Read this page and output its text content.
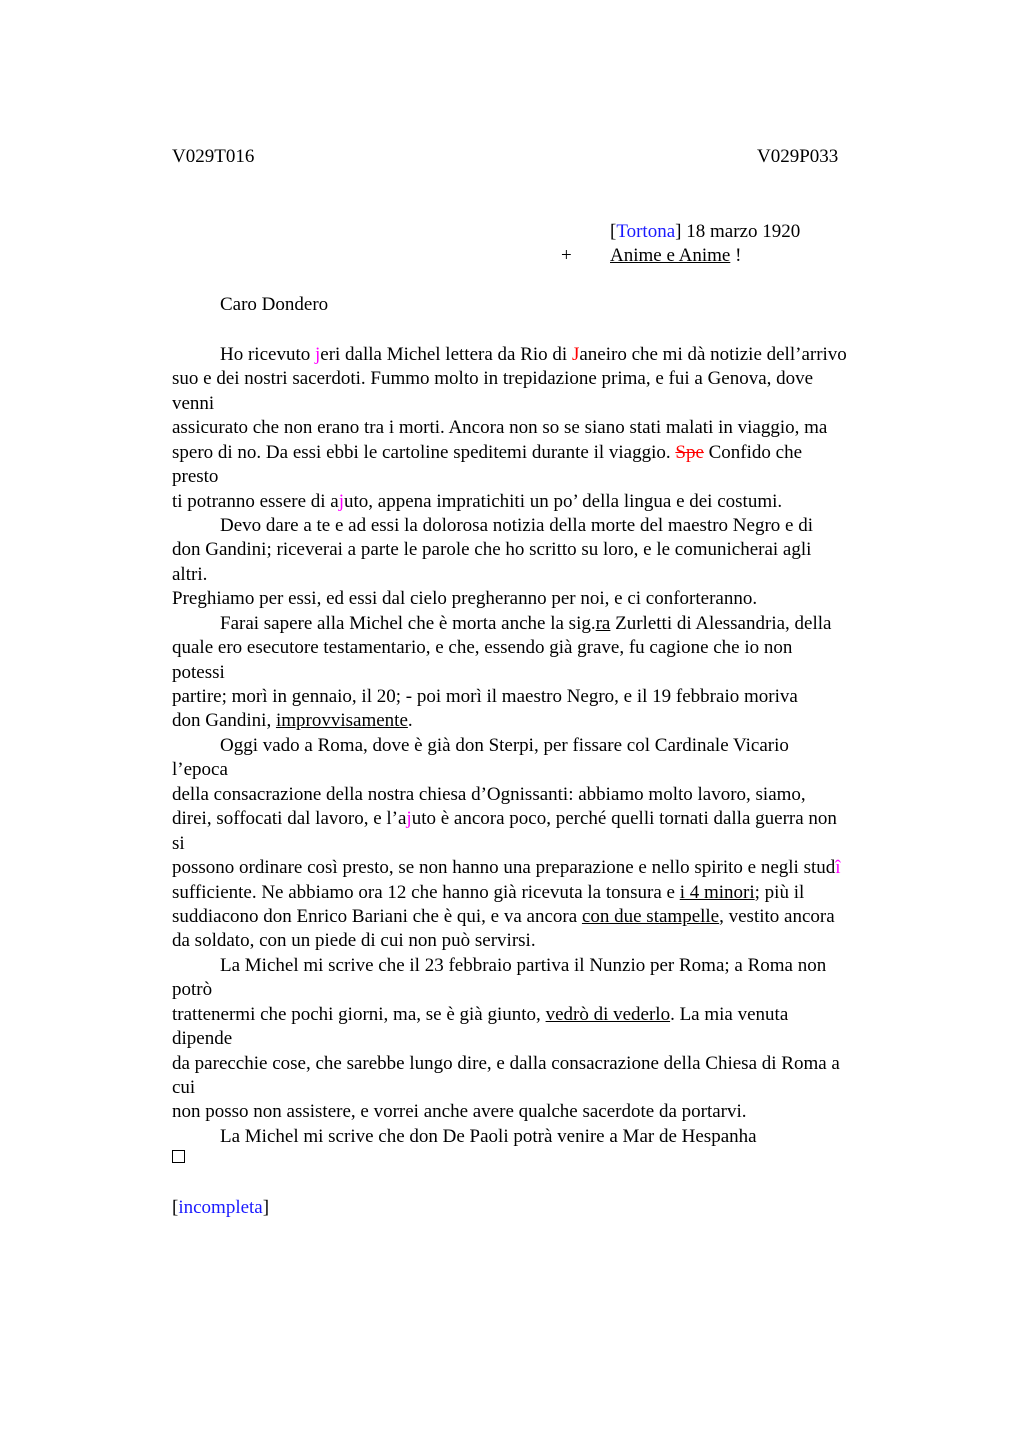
V029T016	V029P033
[Tortona] 18 marzo 1920
+ Anime e Anime !
Caro Dondero
Ho ricevuto jeri dalla Michel lettera da Rio di Janeiro che mi dà notizie dell’arrivo
suo e dei nostri sacerdoti. Fummo molto in trepidazione prima, e fui a Genova, dove
venni
assicurato che non erano tra i morti. Ancora non so se siano stati malati in viaggio, ma
spero di no. Da essi ebbi le cartoline speditemi durante il viaggio. Spe Confido che
presto
ti potranno essere di ajuto, appena impratichiti un po’ della lingua e dei costumi.
Devo dare a te e ad essi la dolorosa notizia della morte del maestro Negro e di
don Gandini; riceverai a parte le parole che ho scritto su loro, e le comunicherai agli
altri.
Preghiamo per essi, ed essi dal cielo pregheranno per noi, e ci conforteranno.
Farai sapere alla Michel che è morta anche la sig.ra Zurletti di Alessandria, della
quale ero esecutore testamentario, e che, essendo già grave, fu cagione che io non
potessi
partire; morì in gennaio, il 20; - poi morì il maestro Negro, e il 19 febbraio moriva
don Gandini, improvvisamente.
Oggi vado a Roma, dove è già don Sterpi, per fissare col Cardinale Vicario
l’epoca
della consacrazione della nostra chiesa d’Ognissanti: abbiamo molto lavoro, siamo,
direi, soffocati dal lavoro, e l’ajuto è ancora poco, perché quelli tornati dalla guerra non
si
possono ordinare così presto, se non hanno una preparazione e nello spirito e negli studî
sufficiente. Ne abbiamo ora 12 che hanno già ricevuta la tonsura e i 4 minori; più il
suddiacono don Enrico Bariani che è qui, e va ancora con due stampelle, vestito ancora
da soldato, con un piede di cui non può servirsi.
La Michel mi scrive che il 23 febbraio partiva il Nunzio per Roma; a Roma non
potrò
trattenermi che pochi giorni, ma, se è già giunto, vedrò di vederlo. La mia venuta
dipende
da parecchie cose, che sarebbe lungo dire, e dalla consacrazione della Chiesa di Roma a
cui
non posso non assistere, e vorrei anche avere qualche sacerdote da portarvi.
La Michel mi scrive che don De Paoli potrà venire a Mar de Hespanha
[incompleta]
